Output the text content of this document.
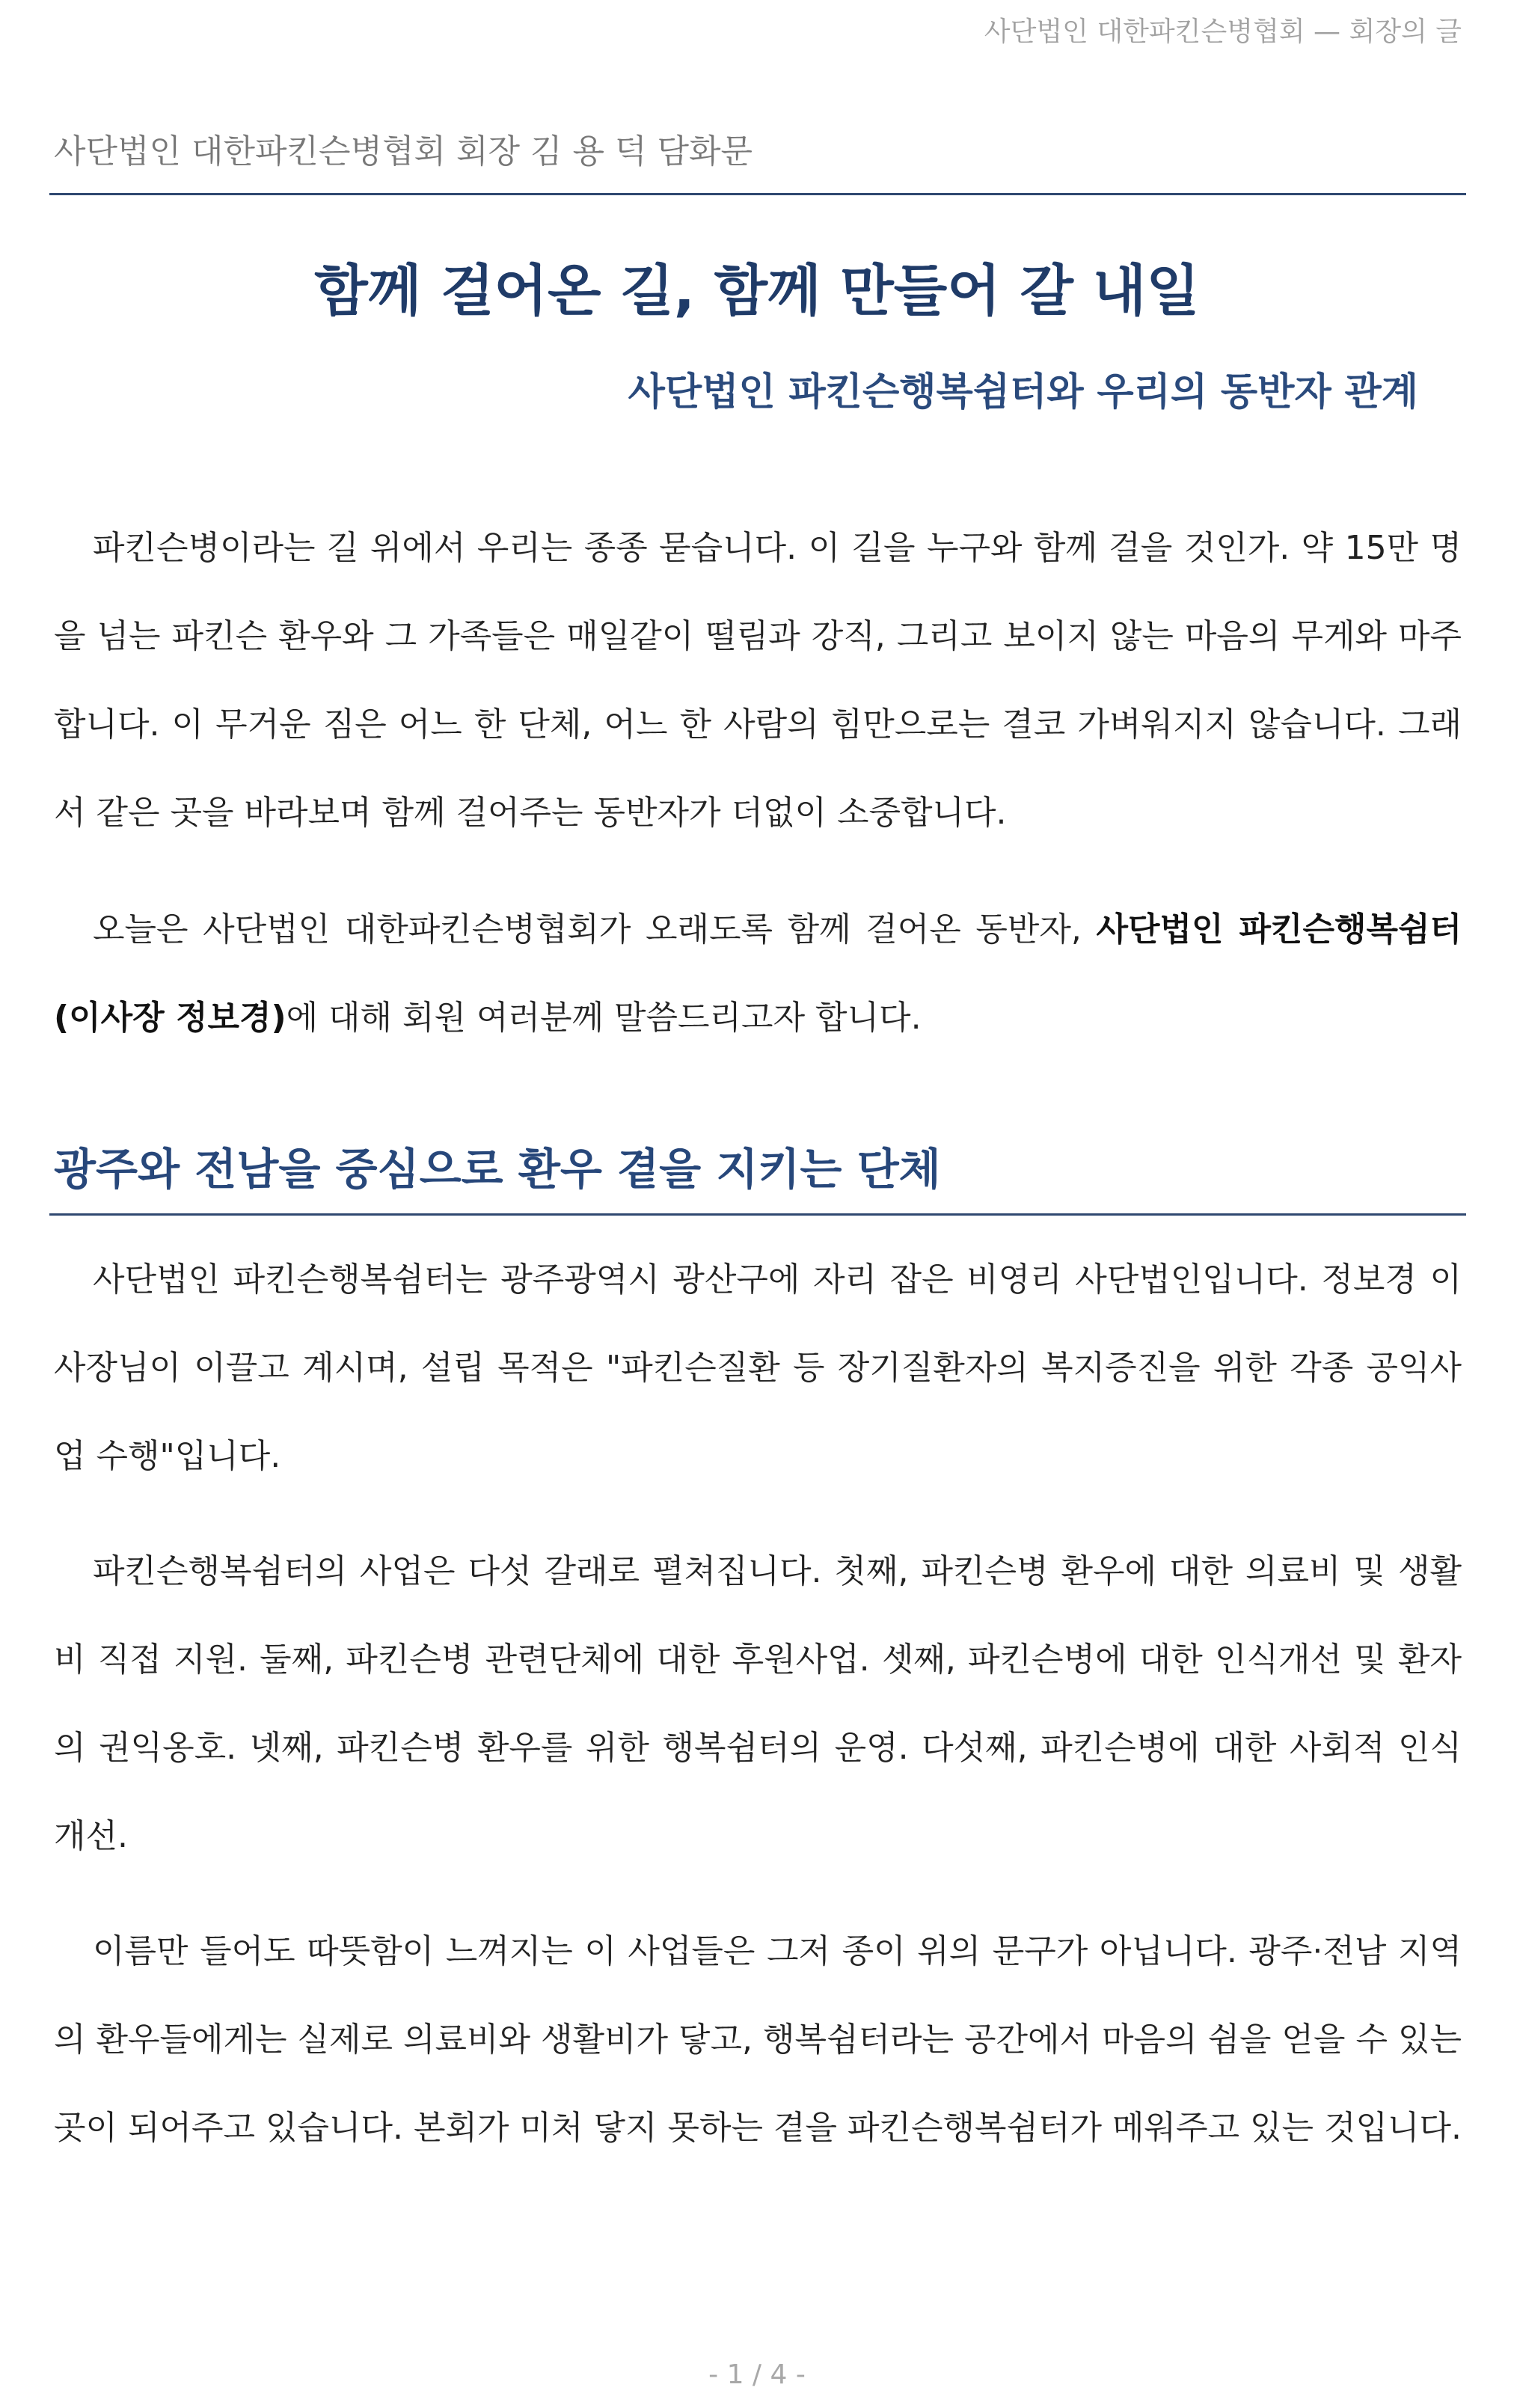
사단법인 대한파킨슨병협회 — 회장의 글
사단법인 대한파킨슨병협회 회장 김 용 덕 담화문
함께 걸어온 길, 함께 만들어 갈 내일
사단법인 파킨슨행복쉼터와 우리의 동반자 관계

파킨슨병이라는 길 위에서 우리는 종종 묻습니다. 이 길을 누구와 함께 걸을 것인가. 약 15만 명을 넘는 파킨슨 환우와 그 가족들은 매일같이 떨림과 강직, 그리고 보이지 않는 마음의 무게와 마주합니다. 이 무거운 짐은 어느 한 단체, 어느 한 사람의 힘만으로는 결코 가벼워지지 않습니다. 그래서 같은 곳을 바라보며 함께 걸어주는 동반자가 더없이 소중합니다.

오늘은 사단법인 대한파킨슨병협회가 오래도록 함께 걸어온 동반자, 사단법인 파킨슨행복쉼터(이사장 정보경)에 대해 회원 여러분께 말씀드리고자 합니다.

광주와 전남을 중심으로 환우 곁을 지키는 단체

사단법인 파킨슨행복쉼터는 광주광역시 광산구에 자리 잡은 비영리 사단법인입니다. 정보경 이사장님이 이끌고 계시며, 설립 목적은 "파킨슨질환 등 장기질환자의 복지증진을 위한 각종 공익사업 수행"입니다.

파킨슨행복쉼터의 사업은 다섯 갈래로 펼쳐집니다. 첫째, 파킨슨병 환우에 대한 의료비 및 생활비 직접 지원. 둘째, 파킨슨병 관련단체에 대한 후원사업. 셋째, 파킨슨병에 대한 인식개선 및 환자의 권익옹호. 넷째, 파킨슨병 환우를 위한 행복쉼터의 운영. 다섯째, 파킨슨병에 대한 사회적 인식 개선.

이름만 들어도 따뜻함이 느껴지는 이 사업들은 그저 종이 위의 문구가 아닙니다. 광주·전남 지역의 환우들에게는 실제로 의료비와 생활비가 닿고, 행복쉼터라는 공간에서 마음의 쉼을 얻을 수 있는 곳이 되어주고 있습니다. 본회가 미처 닿지 못하는 곁을 파킨슨행복쉼터가 메워주고 있는 것입니다.

- 1 / 4 -
